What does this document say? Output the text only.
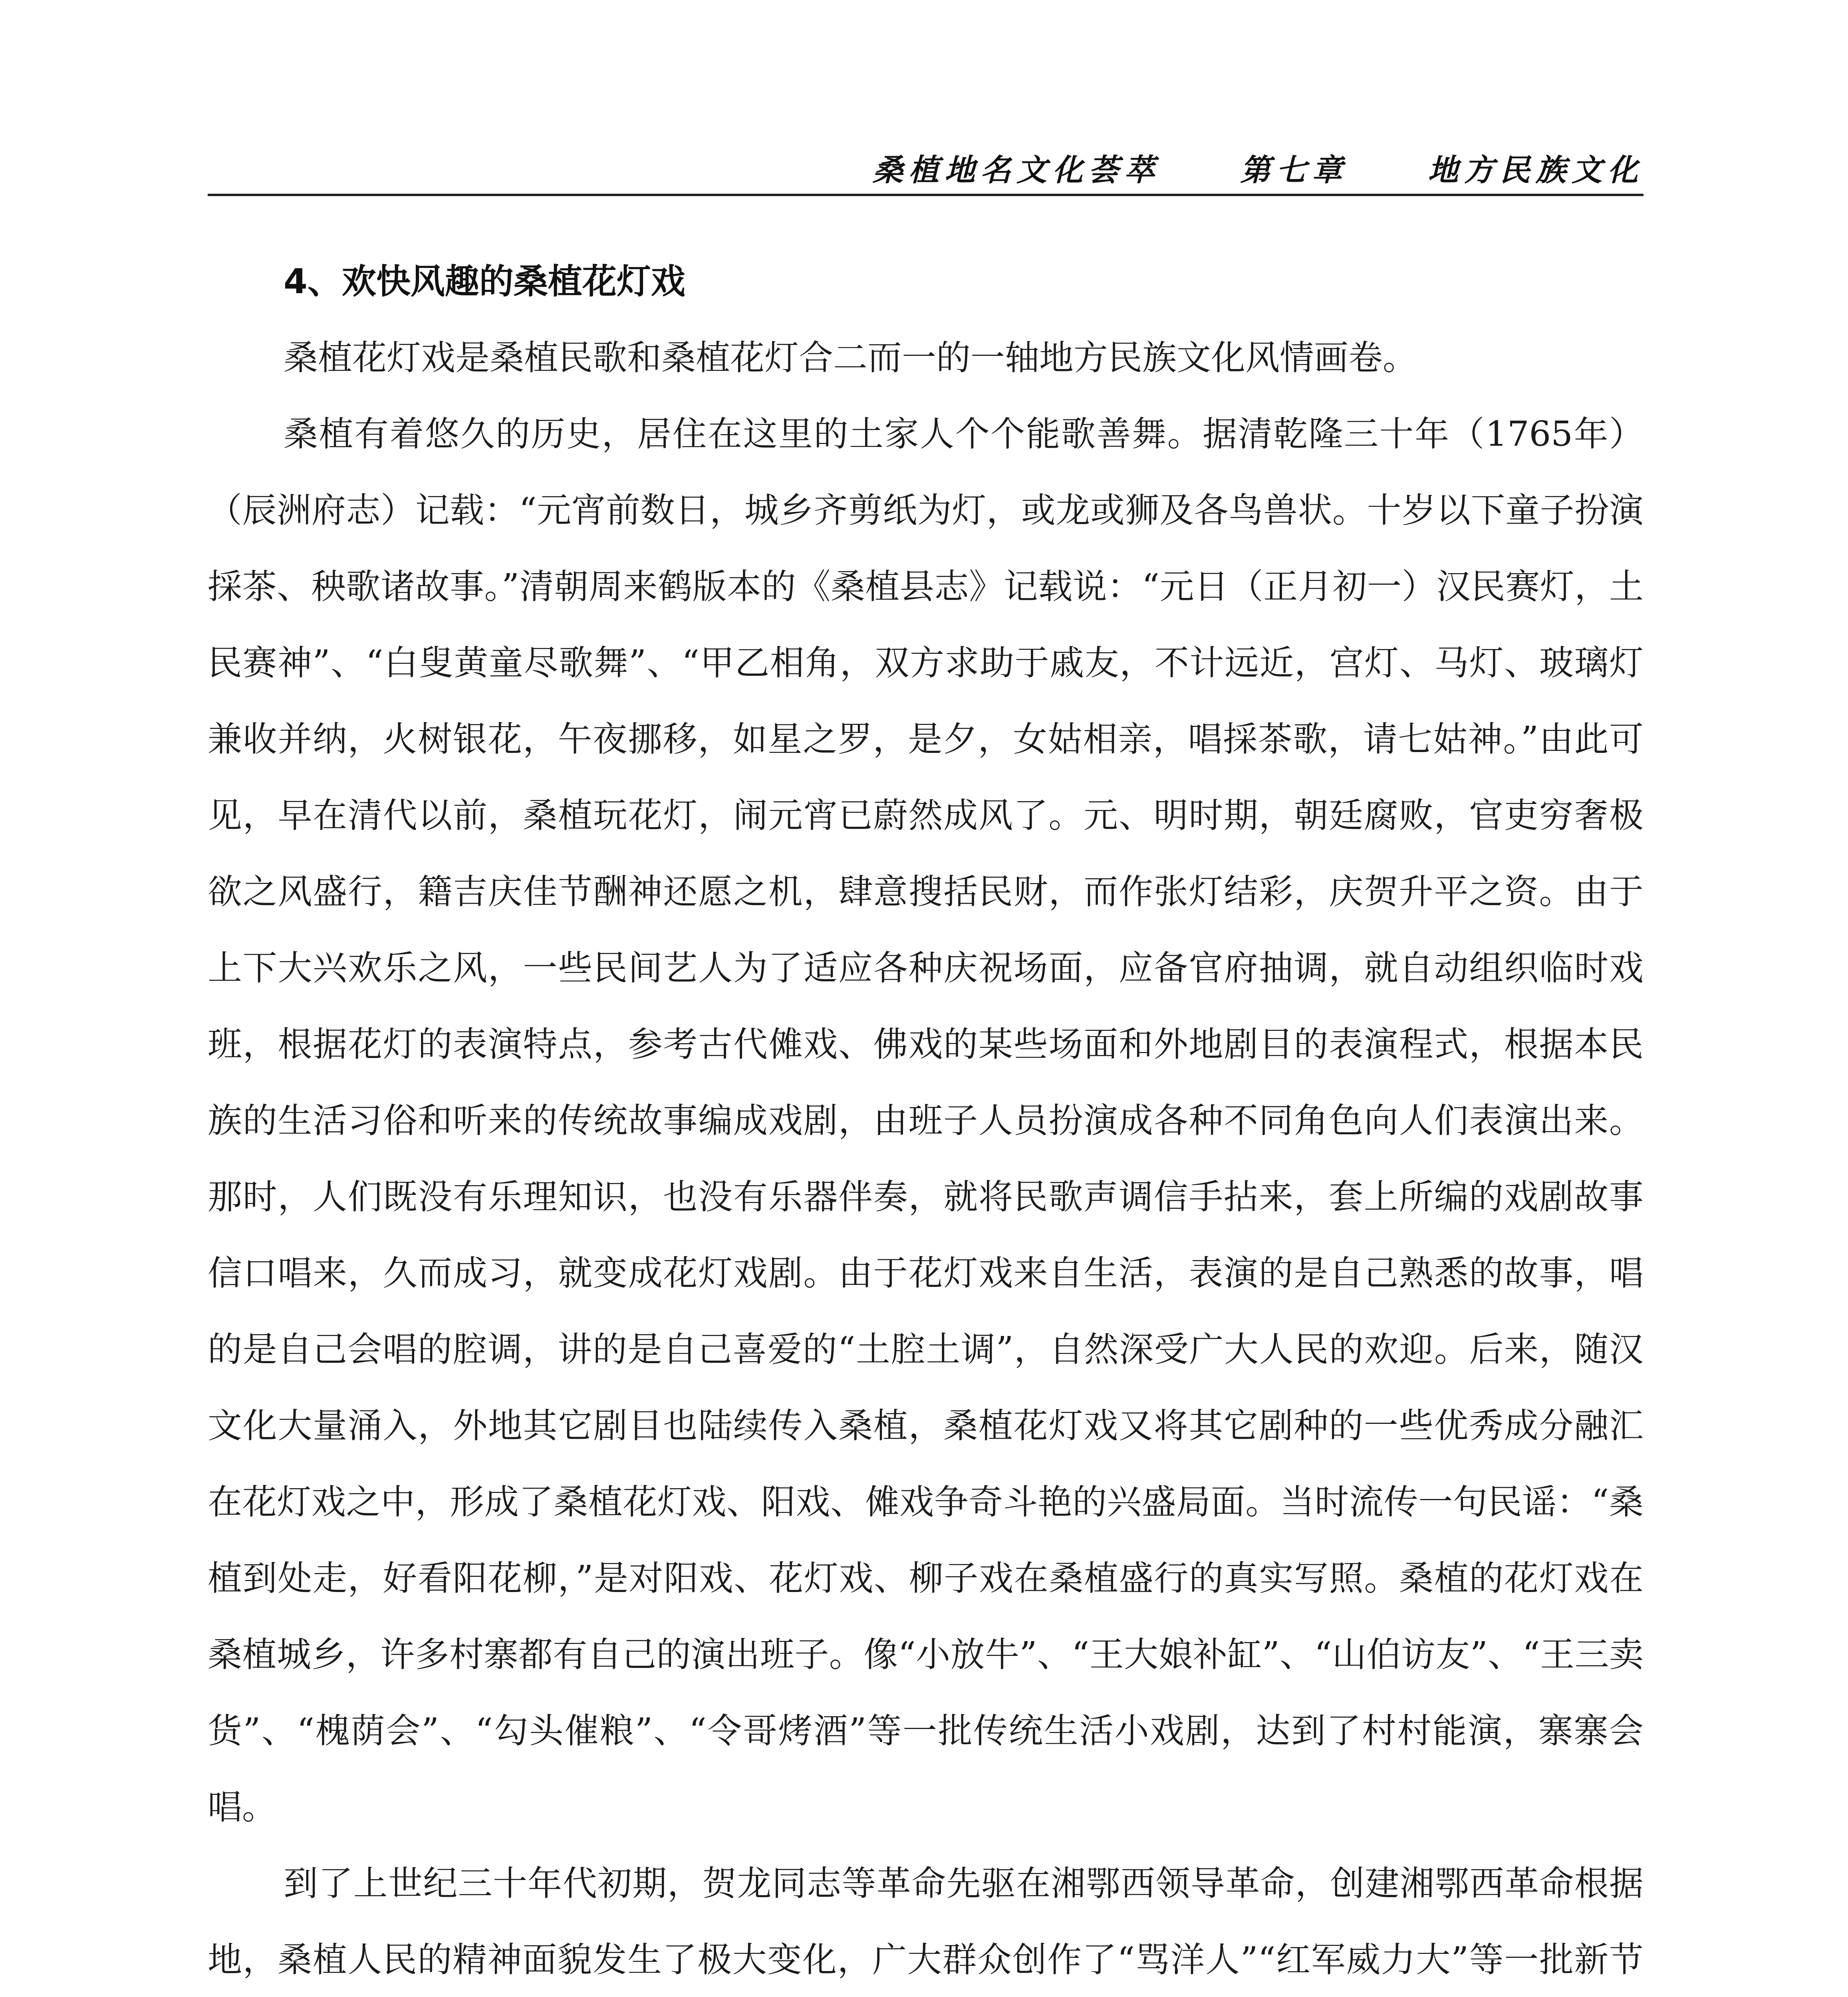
桑植地名文化荟萃	第七章	地方民族文化

4、欢快风趣的桑植花灯戏

桑植花灯戏是桑植民歌和桑植花灯合二而一的一轴地方民族文化风情画卷。

桑植有着悠久的历史，居住在这里的土家人个个能歌善舞。据清乾隆三十年（1765年）（辰洲府志）记载：“元宵前数日，城乡齐剪纸为灯，或龙或狮及各鸟兽状。十岁以下童子扮演採茶、秧歌诸故事。”清朝周来鹤版本的《桑植县志》记载说：“元日（正月初一）汉民赛灯，土民赛神”、“白叟黄童尽歌舞”、“甲乙相角，双方求助于戚友，不计远近，宫灯、马灯、玻璃灯兼收并纳，火树银花，午夜挪移，如星之罗，是夕，女姑相亲，唱採茶歌，请七姑神。”由此可见，早在清代以前，桑植玩花灯，闹元宵已蔚然成风了。元、明时期，朝廷腐败，官吏穷奢极欲之风盛行，籍吉庆佳节酬神还愿之机，肆意搜括民财，而作张灯结彩，庆贺升平之资。由于上下大兴欢乐之风，一些民间艺人为了适应各种庆祝场面，应备官府抽调，就自动组织临时戏班，根据花灯的表演特点，参考古代傩戏、佛戏的某些场面和外地剧目的表演程式，根据本民族的生活习俗和听来的传统故事编成戏剧，由班子人员扮演成各种不同角色向人们表演出来。那时，人们既没有乐理知识，也没有乐器伴奏，就将民歌声调信手拈来，套上所编的戏剧故事信口唱来，久而成习，就变成花灯戏剧。由于花灯戏来自生活，表演的是自己熟悉的故事，唱的是自己会唱的腔调，讲的是自己喜爱的“土腔土调”，自然深受广大人民的欢迎。后来，随汉文化大量涌入，外地其它剧目也陆续传入桑植，桑植花灯戏又将其它剧种的一些优秀成分融汇在花灯戏之中，形成了桑植花灯戏、阳戏、傩戏争奇斗艳的兴盛局面。当时流传一句民谣：“桑植到处走，好看阳花柳，”是对阳戏、花灯戏、柳子戏在桑植盛行的真实写照。桑植的花灯戏在桑植城乡，许多村寨都有自己的演出班子。像“小放牛”、“王大娘补缸”、“山伯访友”、“王三卖货”、“槐荫会”、“勾头催粮”、“令哥烤酒”等一批传统生活小戏剧，达到了村村能演，寨寨会唱。

到了上世纪三十年代初期，贺龙同志等革命先驱在湘鄂西领导革命，创建湘鄂西革命根据地，桑植人民的精神面貌发生了极大变化，广大群众创作了“骂洋人”“红军威力大”等一批新节
